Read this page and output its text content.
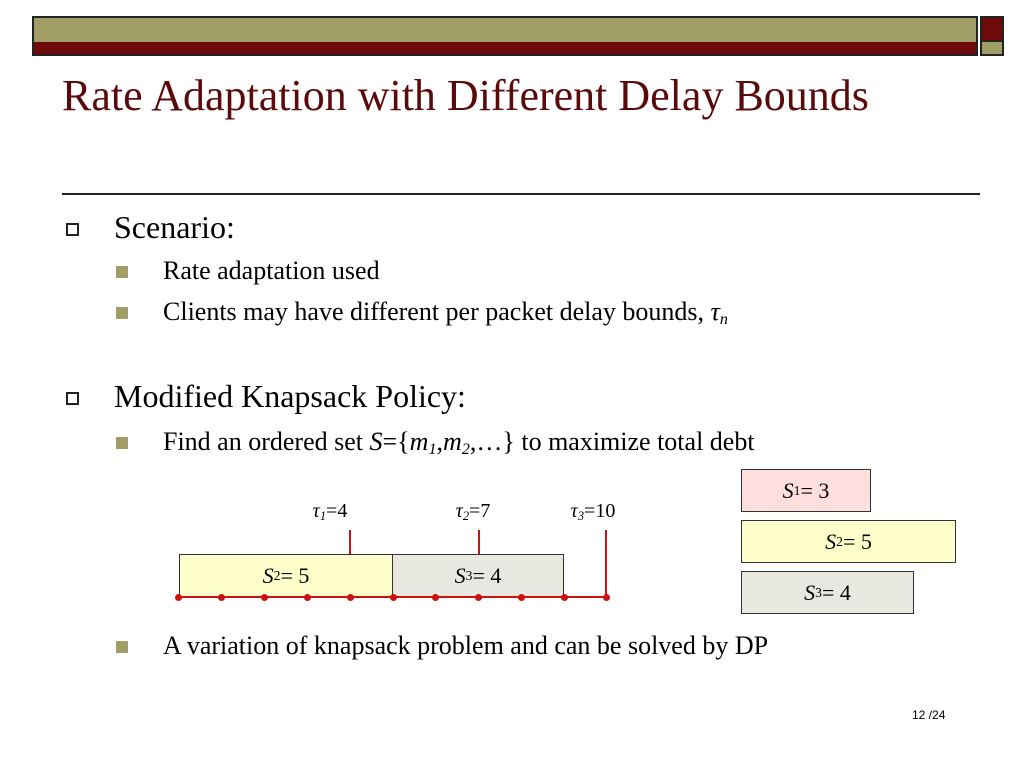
Rate Adaptation with Different Delay Bounds
Scenario:
Rate adaptation used
Clients may have different per packet delay bounds, $\tau_n$
Modified Knapsack Policy:
Find an ordered set $S=\{m_1,m_2,\dots\}$ to maximize total debt
$\tau_1=4$	$\tau_2=7$	$\tau_3=10$
S 2 = 5	S 3 = 4
S 1 = 3
S 2 = 5
S 3 = 4
A variation of knapsack problem and can be solved by DP
12 /24
